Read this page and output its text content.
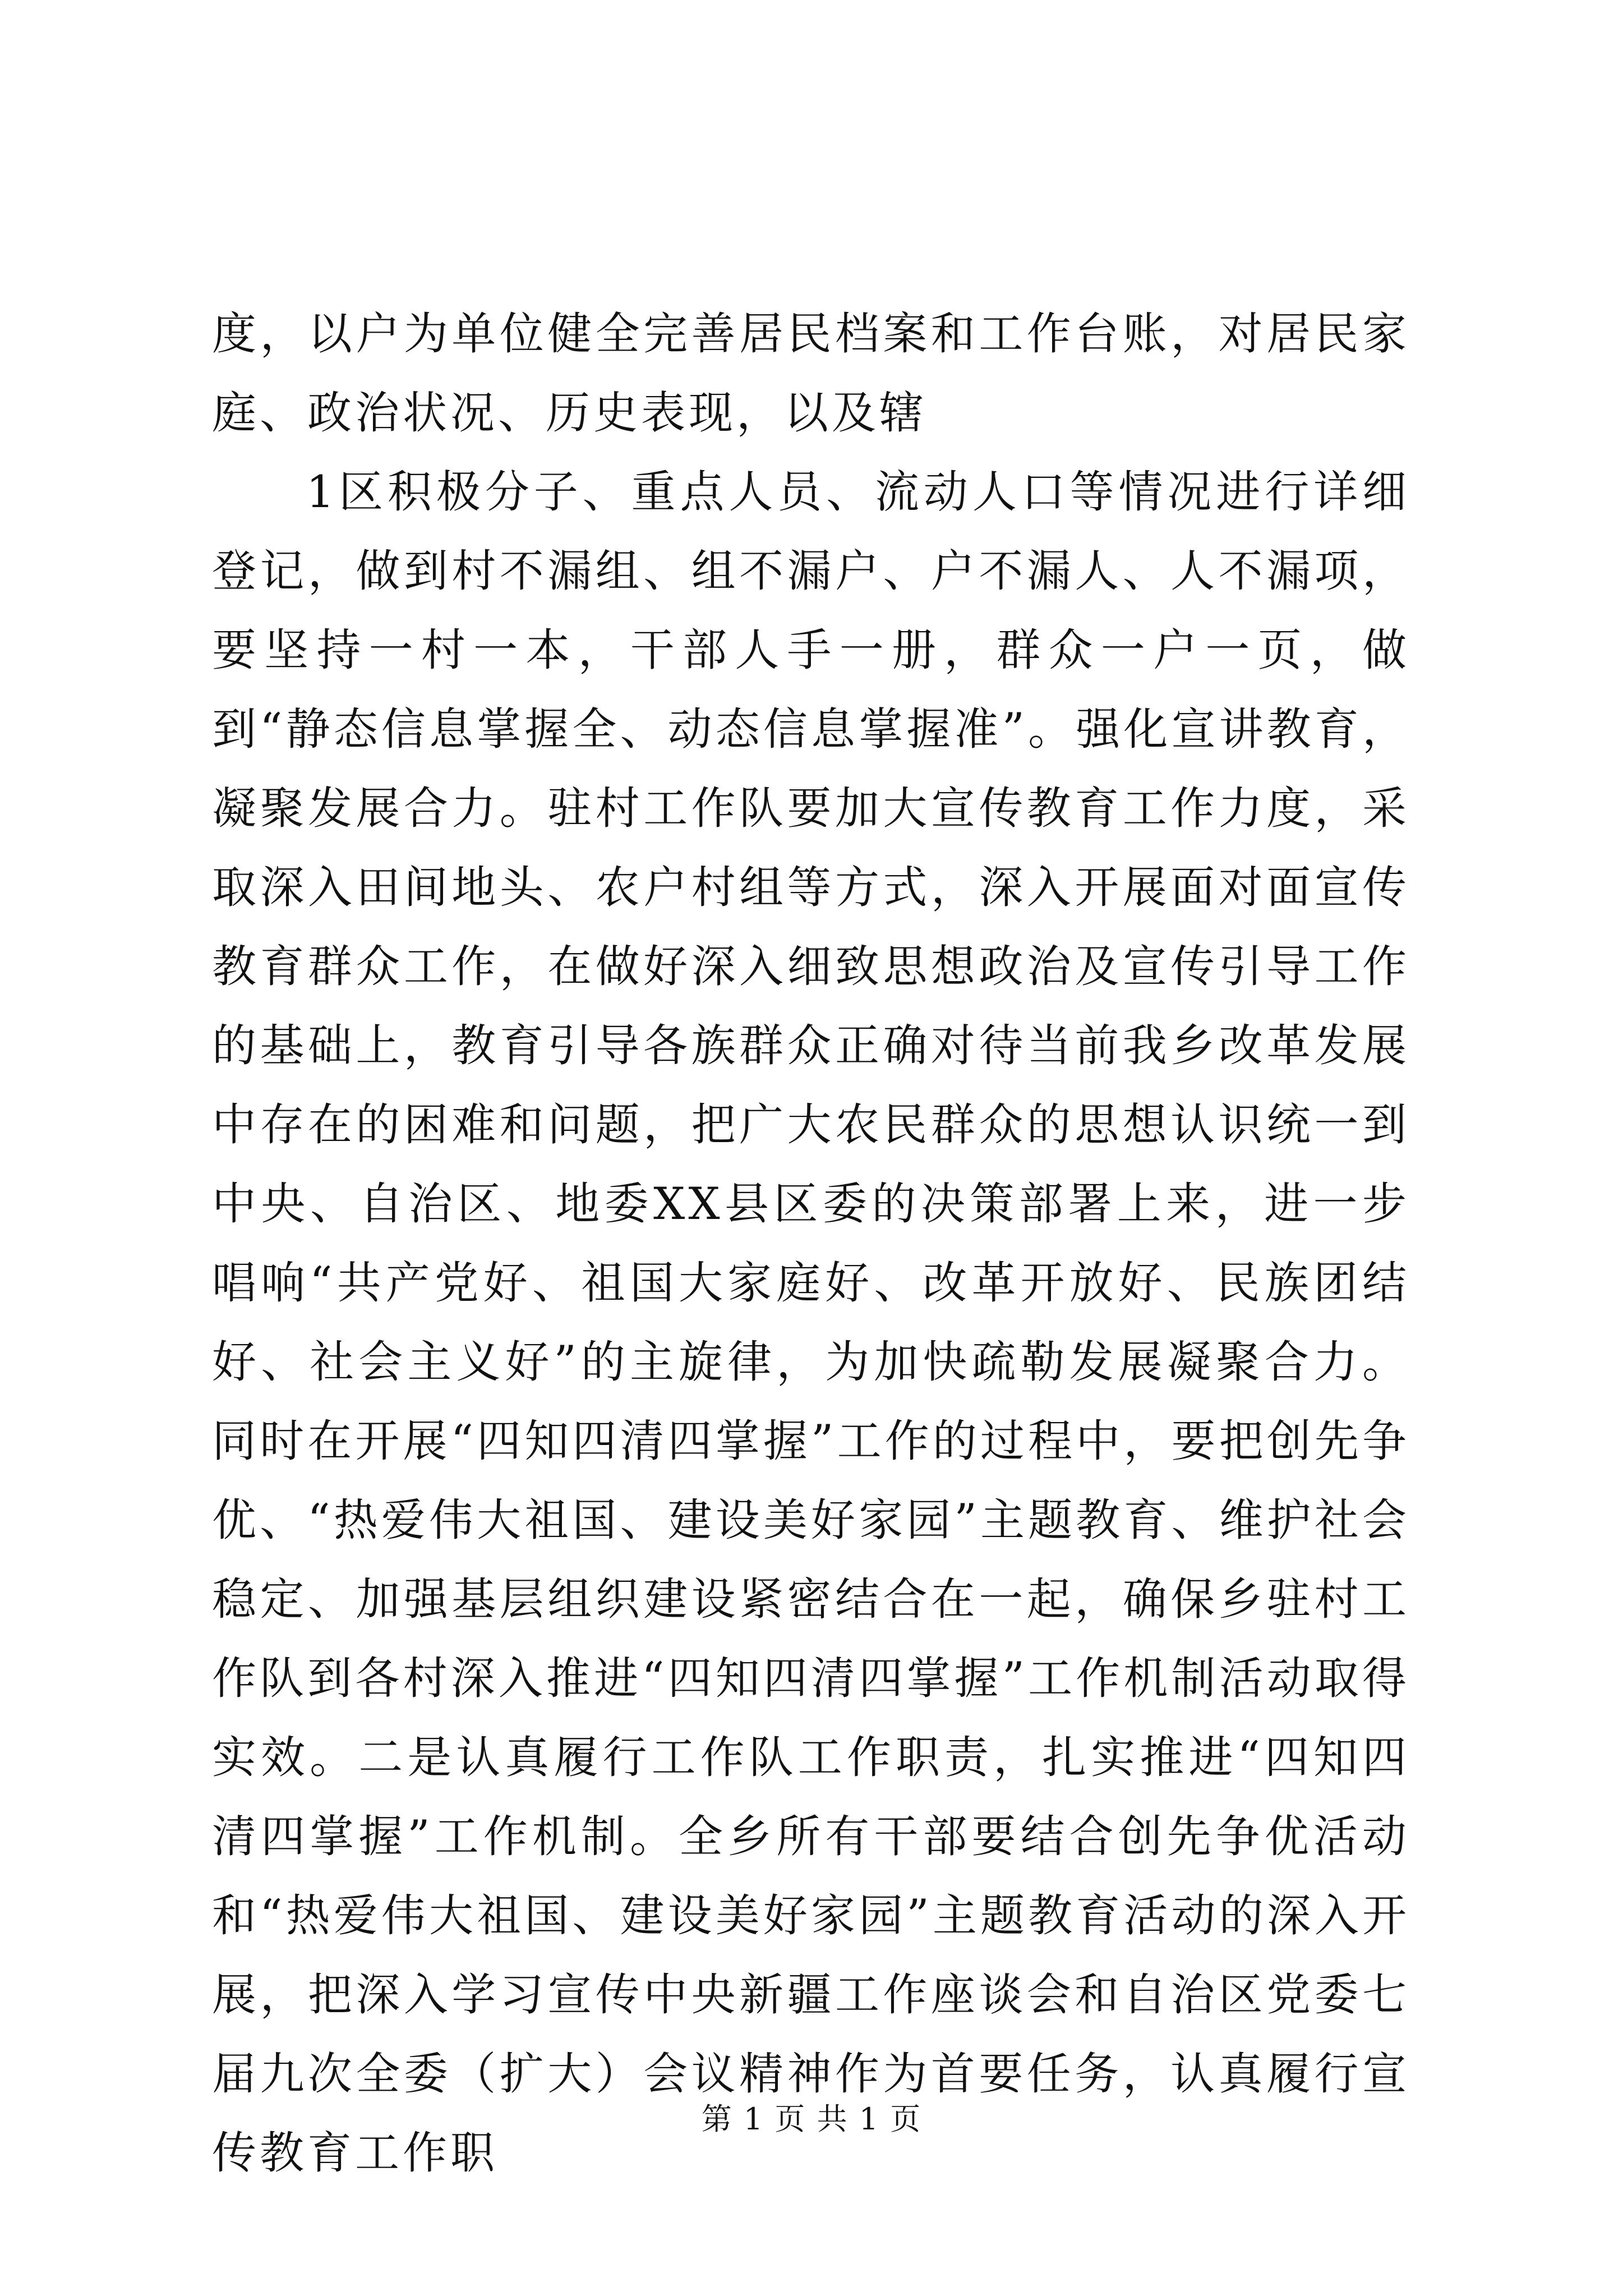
度，以户为单位健全完善居民档案和工作台账，对居民家庭、政治状况、历史表现，以及辖

1区积极分子、重点人员、流动人口等情况进行详细登记，做到村不漏组、组不漏户、户不漏人、人不漏项，要坚持一村一本，干部人手一册，群众一户一页，做到“静态信息掌握全、动态信息掌握准”。强化宣讲教育，凝聚发展合力。驻村工作队要加大宣传教育工作力度，采取深入田间地头、农户村组等方式，深入开展面对面宣传教育群众工作，在做好深入细致思想政治及宣传引导工作的基础上，教育引导各族群众正确对待当前我乡改革发展中存在的困难和问题，把广大农民群众的思想认识统一到中央、自治区、地委XX县区委的决策部署上来，进一步唱响“共产党好、祖国大家庭好、改革开放好、民族团结好、社会主义好”的主旋律，为加快疏勒发展凝聚合力。同时在开展“四知四清四掌握”工作的过程中，要把创先争优、“热爱伟大祖国、建设美好家园”主题教育、维护社会稳定、加强基层组织建设紧密结合在一起，确保乡驻村工作队到各村深入推进“四知四清四掌握”工作机制活动取得实效。二是认真履行工作队工作职责，扎实推进“四知四清四掌握”工作机制。全乡所有干部要结合创先争优活动和“热爱伟大祖国、建设美好家园”主题教育活动的深入开展，把深入学习宣传中央新疆工作座谈会和自治区党委七届九次全委（扩大）会议精神作为首要任务，认真履行宣传教育工作职

第 1 页 共 1 页
